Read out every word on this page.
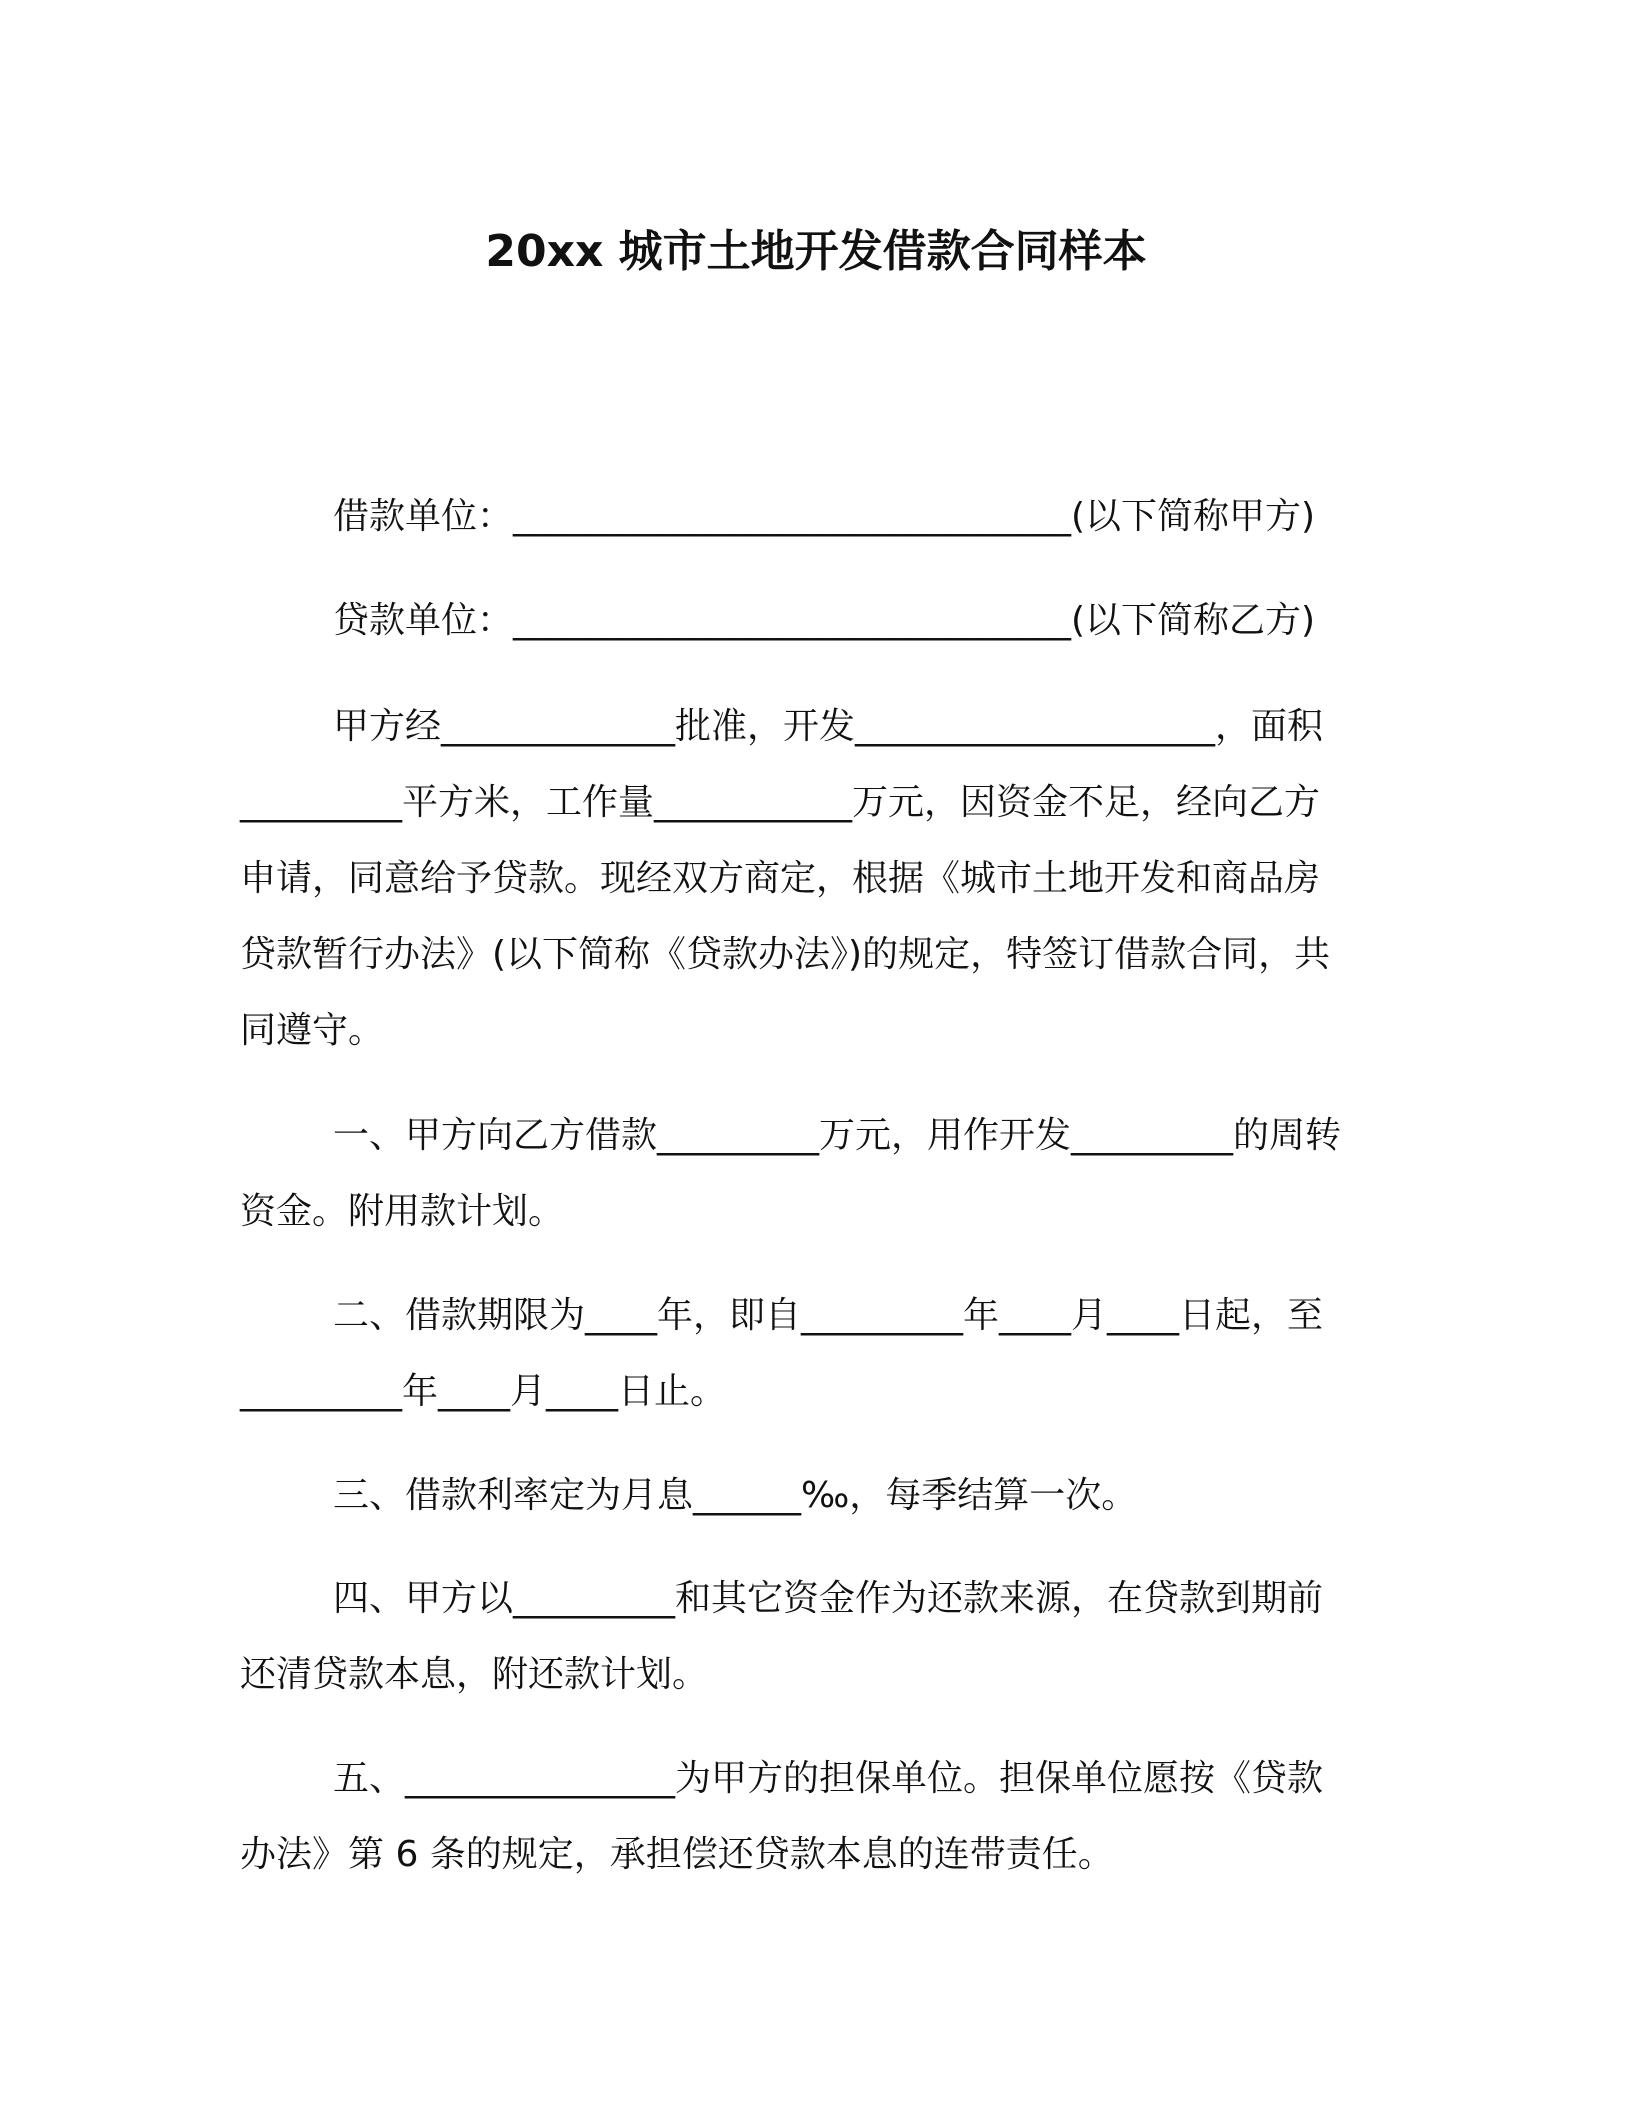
20xx 城市土地开发借款合同样本
借款单位：_______________________________(以下简称甲方)
贷款单位：_______________________________(以下简称乙方)
甲方经_____________批准，开发____________________，面积
_________平方米，工作量___________万元，因资金不足，经向乙方
申请，同意给予贷款。现经双方商定，根据《城市土地开发和商品房
贷款暂行办法》(以下简称《贷款办法》)的规定，特签订借款合同，共
同遵守。
一、甲方向乙方借款_________万元，用作开发_________的周转
资金。附用款计划。
二、借款期限为____年，即自_________年____月____日起，至
_________年____月____日止。
三、借款利率定为月息______‰，每季结算一次。
四、甲方以_________和其它资金作为还款来源，在贷款到期前
还清贷款本息，附还款计划。
五、_______________为甲方的担保单位。担保单位愿按《贷款
办法》第 6 条的规定，承担偿还贷款本息的连带责任。
